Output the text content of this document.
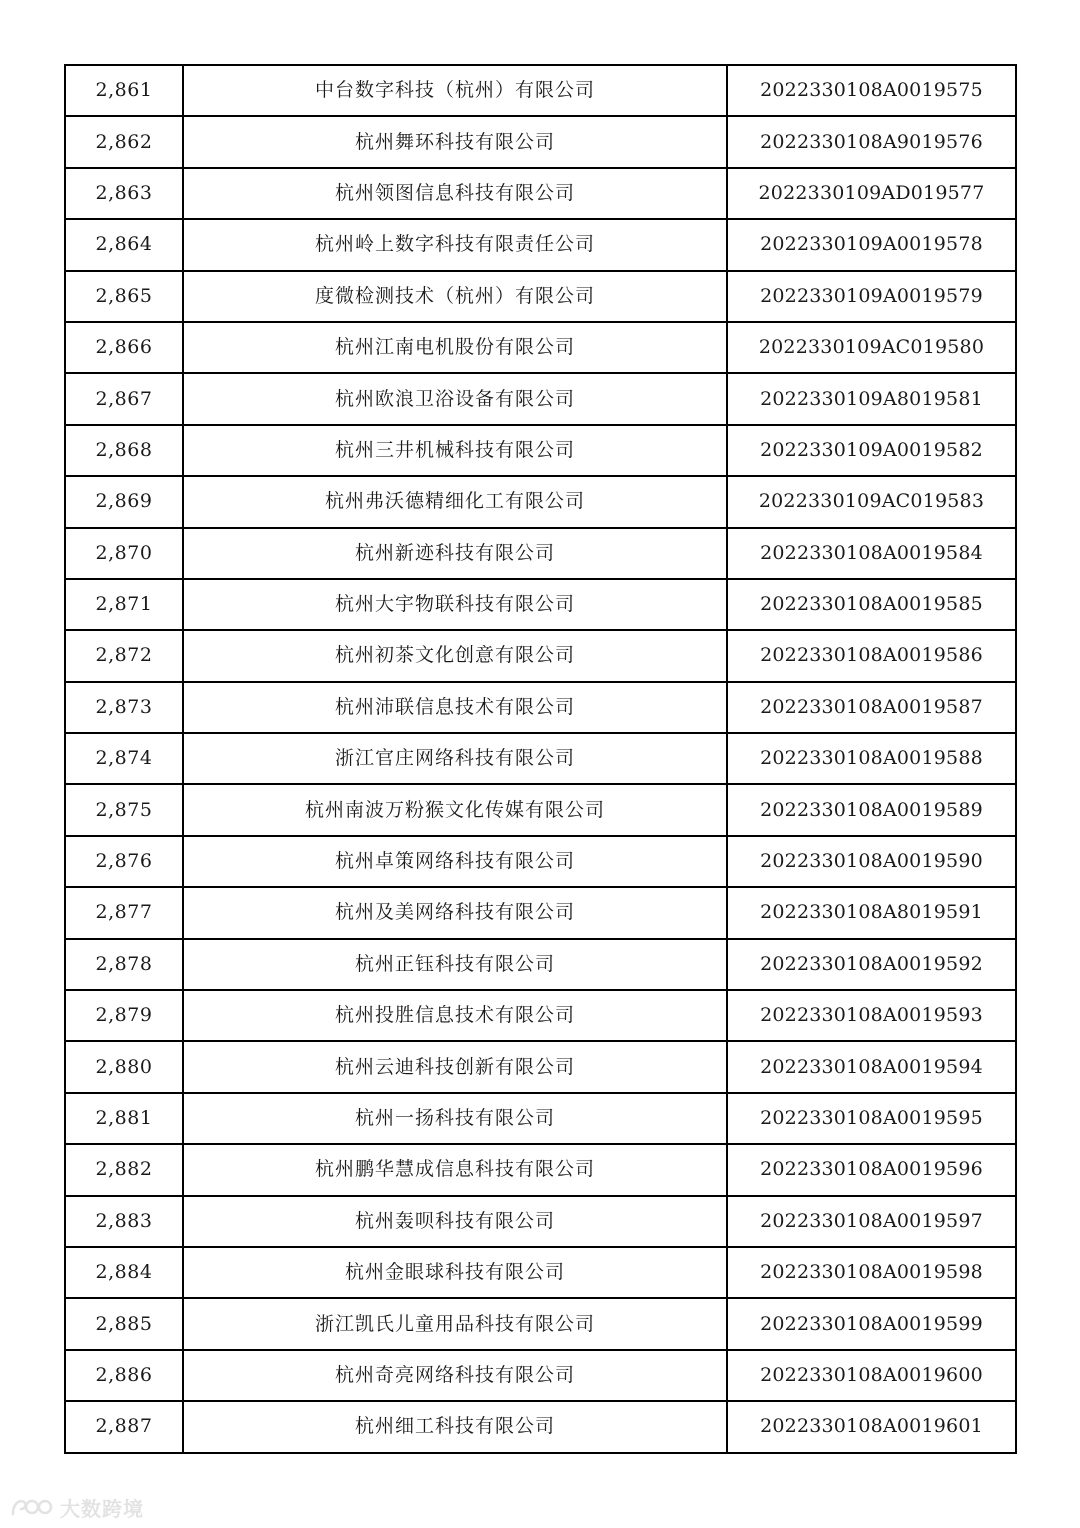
2,861	中台数字科技（杭州）有限公司	2022330108A0019575
2,862	杭州舞环科技有限公司	2022330108A9019576
2,863	杭州领图信息科技有限公司	2022330109AD019577
2,864	杭州岭上数字科技有限责任公司	2022330109A0019578
2,865	度微检测技术（杭州）有限公司	2022330109A0019579
2,866	杭州江南电机股份有限公司	2022330109AC019580
2,867	杭州欧浪卫浴设备有限公司	2022330109A8019581
2,868	杭州三井机械科技有限公司	2022330109A0019582
2,869	杭州弗沃德精细化工有限公司	2022330109AC019583
2,870	杭州新迹科技有限公司	2022330108A0019584
2,871	杭州大宇物联科技有限公司	2022330108A0019585
2,872	杭州初茶文化创意有限公司	2022330108A0019586
2,873	杭州沛联信息技术有限公司	2022330108A0019587
2,874	浙江官庄网络科技有限公司	2022330108A0019588
2,875	杭州南波万粉猴文化传媒有限公司	2022330108A0019589
2,876	杭州卓策网络科技有限公司	2022330108A0019590
2,877	杭州及美网络科技有限公司	2022330108A8019591
2,878	杭州正钰科技有限公司	2022330108A0019592
2,879	杭州投胜信息技术有限公司	2022330108A0019593
2,880	杭州云迪科技创新有限公司	2022330108A0019594
2,881	杭州一扬科技有限公司	2022330108A0019595
2,882	杭州鹏华慧成信息科技有限公司	2022330108A0019596
2,883	杭州轰呗科技有限公司	2022330108A0019597
2,884	杭州金眼球科技有限公司	2022330108A0019598
2,885	浙江凯氏儿童用品科技有限公司	2022330108A0019599
2,886	杭州奇亮网络科技有限公司	2022330108A0019600
2,887	杭州细工科技有限公司	2022330108A0019601
大数跨境
